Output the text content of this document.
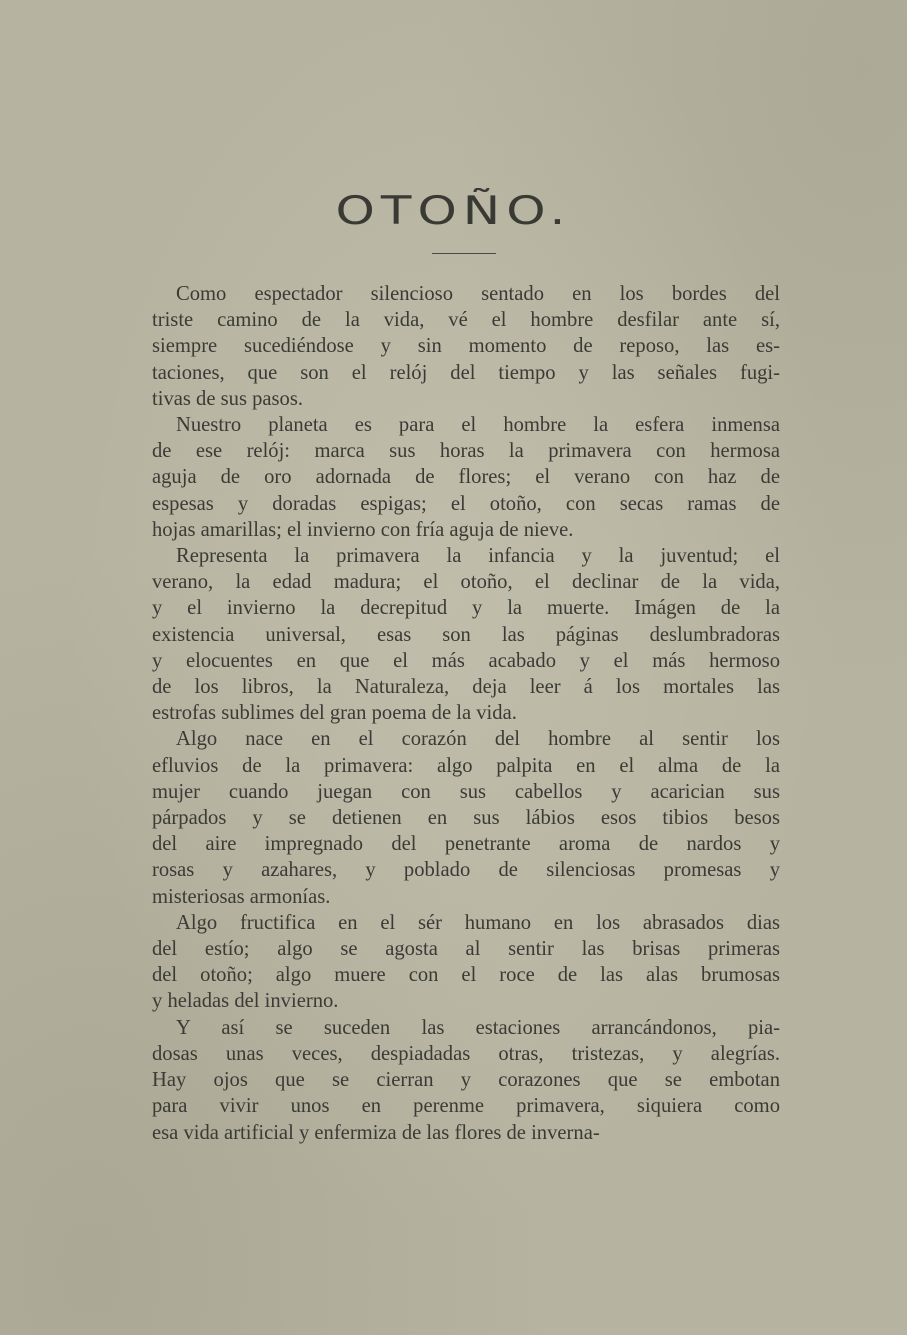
OTOÑO.
Como espectador silencioso sentado en los bordes del
triste camino de la vida, vé el hombre desfilar ante sí,
siempre sucediéndose y sin momento de reposo, las es-
taciones, que son el relój del tiempo y las señales fugi-
tivas de sus pasos.
Nuestro planeta es para el hombre la esfera inmensa
de ese relój: marca sus horas la primavera con hermosa
aguja de oro adornada de flores; el verano con haz de
espesas y doradas espigas; el otoño, con secas ramas de
hojas amarillas; el invierno con fría aguja de nieve.
Representa la primavera la infancia y la juventud; el
verano, la edad madura; el otoño, el declinar de la vida,
y el invierno la decrepitud y la muerte. Imágen de la
existencia universal, esas son las páginas deslumbradoras
y elocuentes en que el más acabado y el más hermoso
de los libros, la Naturaleza, deja leer á los mortales las
estrofas sublimes del gran poema de la vida.
Algo nace en el corazón del hombre al sentir los
efluvios de la primavera: algo palpita en el alma de la
mujer cuando juegan con sus cabellos y acarician sus
párpados y se detienen en sus lábios esos tibios besos
del aire impregnado del penetrante aroma de nardos y
rosas y azahares, y poblado de silenciosas promesas y
misteriosas armonías.
Algo fructifica en el sér humano en los abrasados dias
del estío; algo se agosta al sentir las brisas primeras
del otoño; algo muere con el roce de las alas brumosas
y heladas del invierno.
Y así se suceden las estaciones arrancándonos, pia-
dosas unas veces, despiadadas otras, tristezas, y alegrías.
Hay ojos que se cierran y corazones que se embotan
para vivir unos en perenme primavera, siquiera como
esa vida artificial y enfermiza de las flores de inverna-
